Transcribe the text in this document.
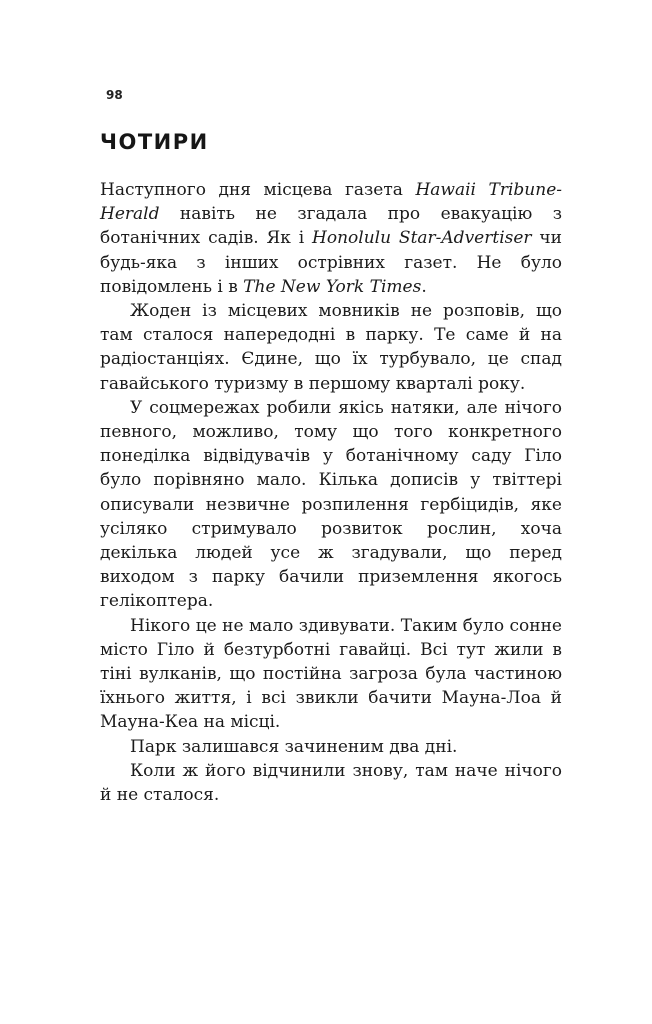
98
ЧОТИРИ

Наступного дня місцева газета Hawaii Tribune-Herald навіть не згадала про евакуацію з ботанічних садів. Як і Honolulu Star-Advertiser чи будь-яка з інших острівних газет. Не було повідомлень і в The New York Times.

Жоден із місцевих мовників не розповів, що там сталося напередодні в парку. Те саме й на радіостанціях. Єдине, що їх турбувало, це спад гавайського туризму в першому кварталі року.

У соцмережах робили якісь натяки, але нічого певного, можливо, тому що того конкретного понеділка відвідувачів у ботанічному саду Гіло було порівняно мало. Кілька дописів у твіттері описували незвичне розпилення гербіцидів, яке усіляко стримувало розвиток рослин, хоча декілька людей усе ж згадували, що перед виходом з парку бачили приземлення якогось гелікоптера.

Нікого це не мало здивувати. Таким було сонне місто Гіло й безтурботні гавайці. Всі тут жили в тіні вулканів, що постійна загроза була частиною їхнього життя, і всі звикли бачити Мауна-Лоа й Мауна-Кеа на місці.

Парк залишався зачиненим два дні.

Коли ж його відчинили знову, там наче нічого й не сталося.
